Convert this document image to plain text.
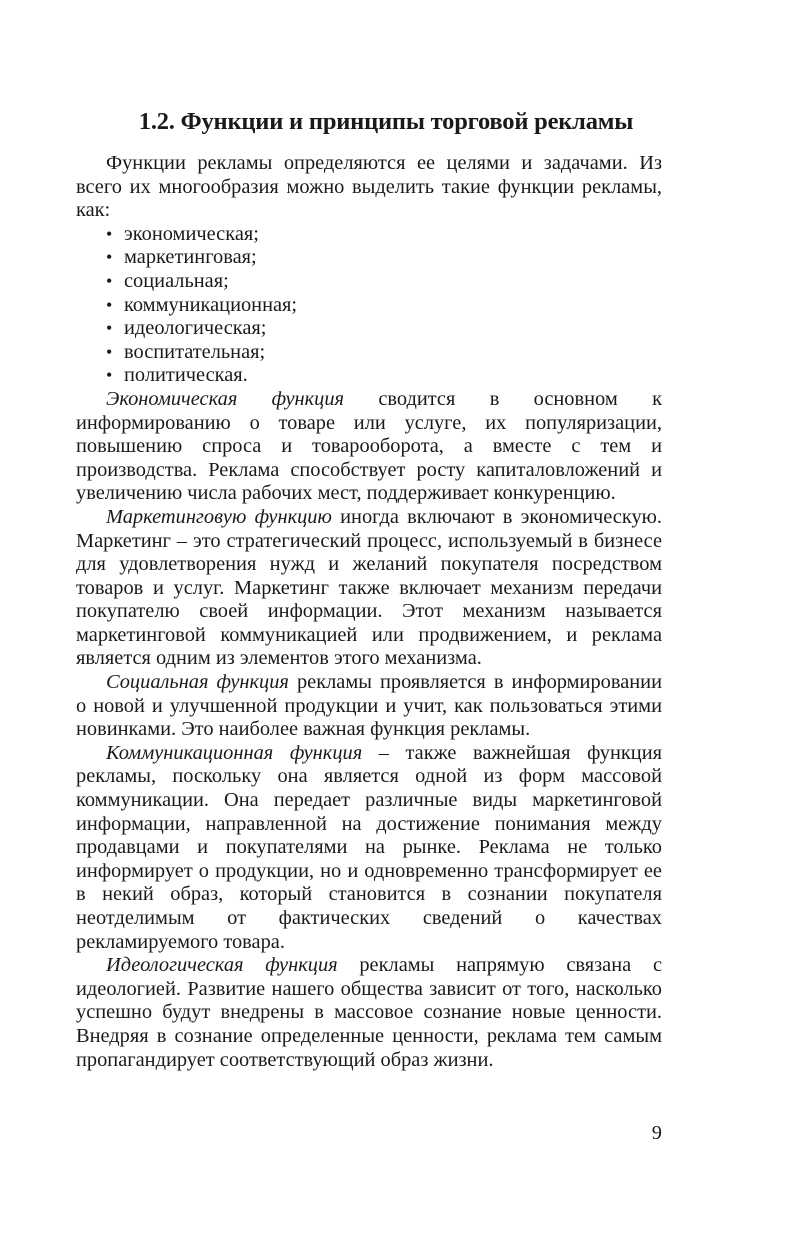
1.2. Функции и принципы торговой рекламы

Функции рекламы определяются ее целями и задачами. Из всего их многообразия можно выделить такие функции рекламы, как:

• экономическая;
• маркетинговая;
• социальная;
• коммуникационная;
• идеологическая;
• воспитательная;
• политическая.

Экономическая функция сводится в основном к информированию о товаре или услуге, их популяризации, повышению спроса и товарооборота, а вместе с тем и производства. Реклама способствует росту капиталовложений и увеличению числа рабочих мест, поддерживает конкуренцию.

Маркетинговую функцию иногда включают в экономическую. Маркетинг – это стратегический процесс, используемый в бизнесе для удовлетворения нужд и желаний покупателя посредством товаров и услуг. Маркетинг также включает механизм передачи покупателю своей информации. Этот механизм называется маркетинговой коммуникацией или продвижением, и реклама является одним из элементов этого механизма.

Социальная функция рекламы проявляется в информировании о новой и улучшенной продукции и учит, как пользоваться этими новинками. Это наиболее важная функция рекламы.

Коммуникационная функция – также важнейшая функция рекламы, поскольку она является одной из форм массовой коммуникации. Она передает различные виды маркетинговой информации, направленной на достижение понимания между продавцами и покупателями на рынке. Реклама не только информирует о продукции, но и одновременно трансформирует ее в некий образ, который становится в сознании покупателя неотделимым от фактических сведений о качествах рекламируемого товара.

Идеологическая функция рекламы напрямую связана с идеологией. Развитие нашего общества зависит от того, насколько успешно будут внедрены в массовое сознание новые ценности. Внедряя в сознание определенные ценности, реклама тем самым пропагандирует соответствующий образ жизни.

9
